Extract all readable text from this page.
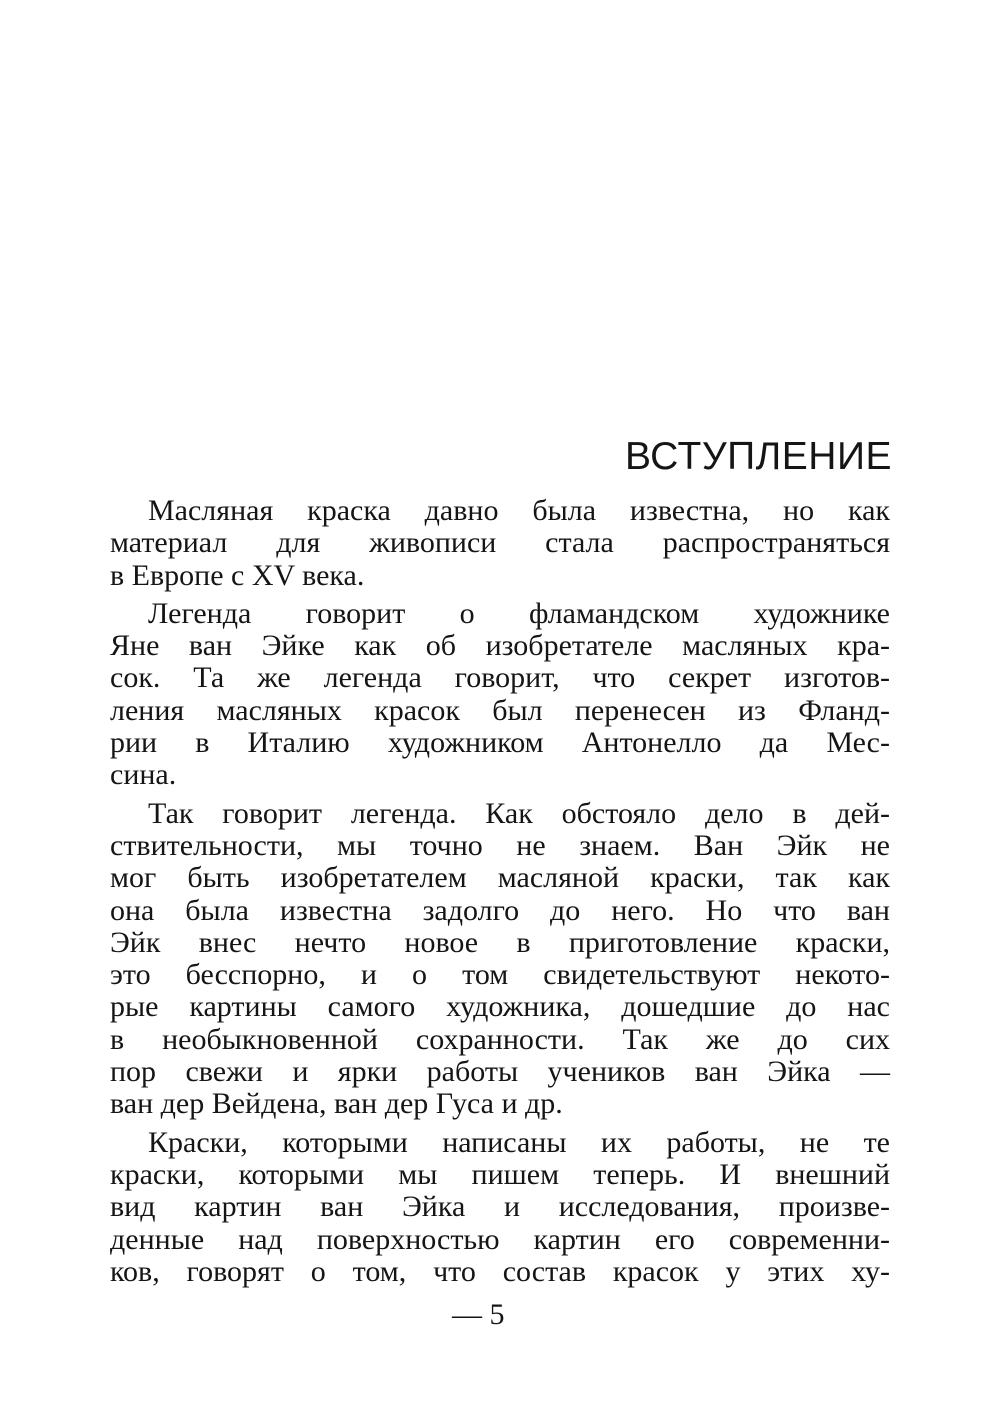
ВСТУПЛЕНИЕ
Масляная краска давно была известна, но как
материал для живописи стала распространяться
в Европе с XV века.
Легенда говорит о фламандском художнике
Яне ван Эйке как об изобретателе масляных кра-
сок. Та же легенда говорит, что секрет изготов-
ления масляных красок был перенесен из Фланд-
рии в Италию художником Антонелло да Мес-
сина.
Так говорит легенда. Как обстояло дело в дей-
ствительности, мы точно не знаем. Ван Эйк не
мог быть изобретателем масляной краски, так как
она была известна задолго до него. Но что ван
Эйк внес нечто новое в приготовление краски,
это бесспорно, и о том свидетельствуют некото-
рые картины самого художника, дошедшие до нас
в необыкновенной сохранности. Так же до сих
пор свежи и ярки работы учеников ван Эйка —
ван дер Вейдена, ван дер Гуса и др.
Краски, которыми написаны их работы, не те
краски, которыми мы пишем теперь. И внешний
вид картин ван Эйка и исследования, произве-
денные над поверхностью картин его современни-
ков, говорят о том, что состав красок у этих ху-
— 5
